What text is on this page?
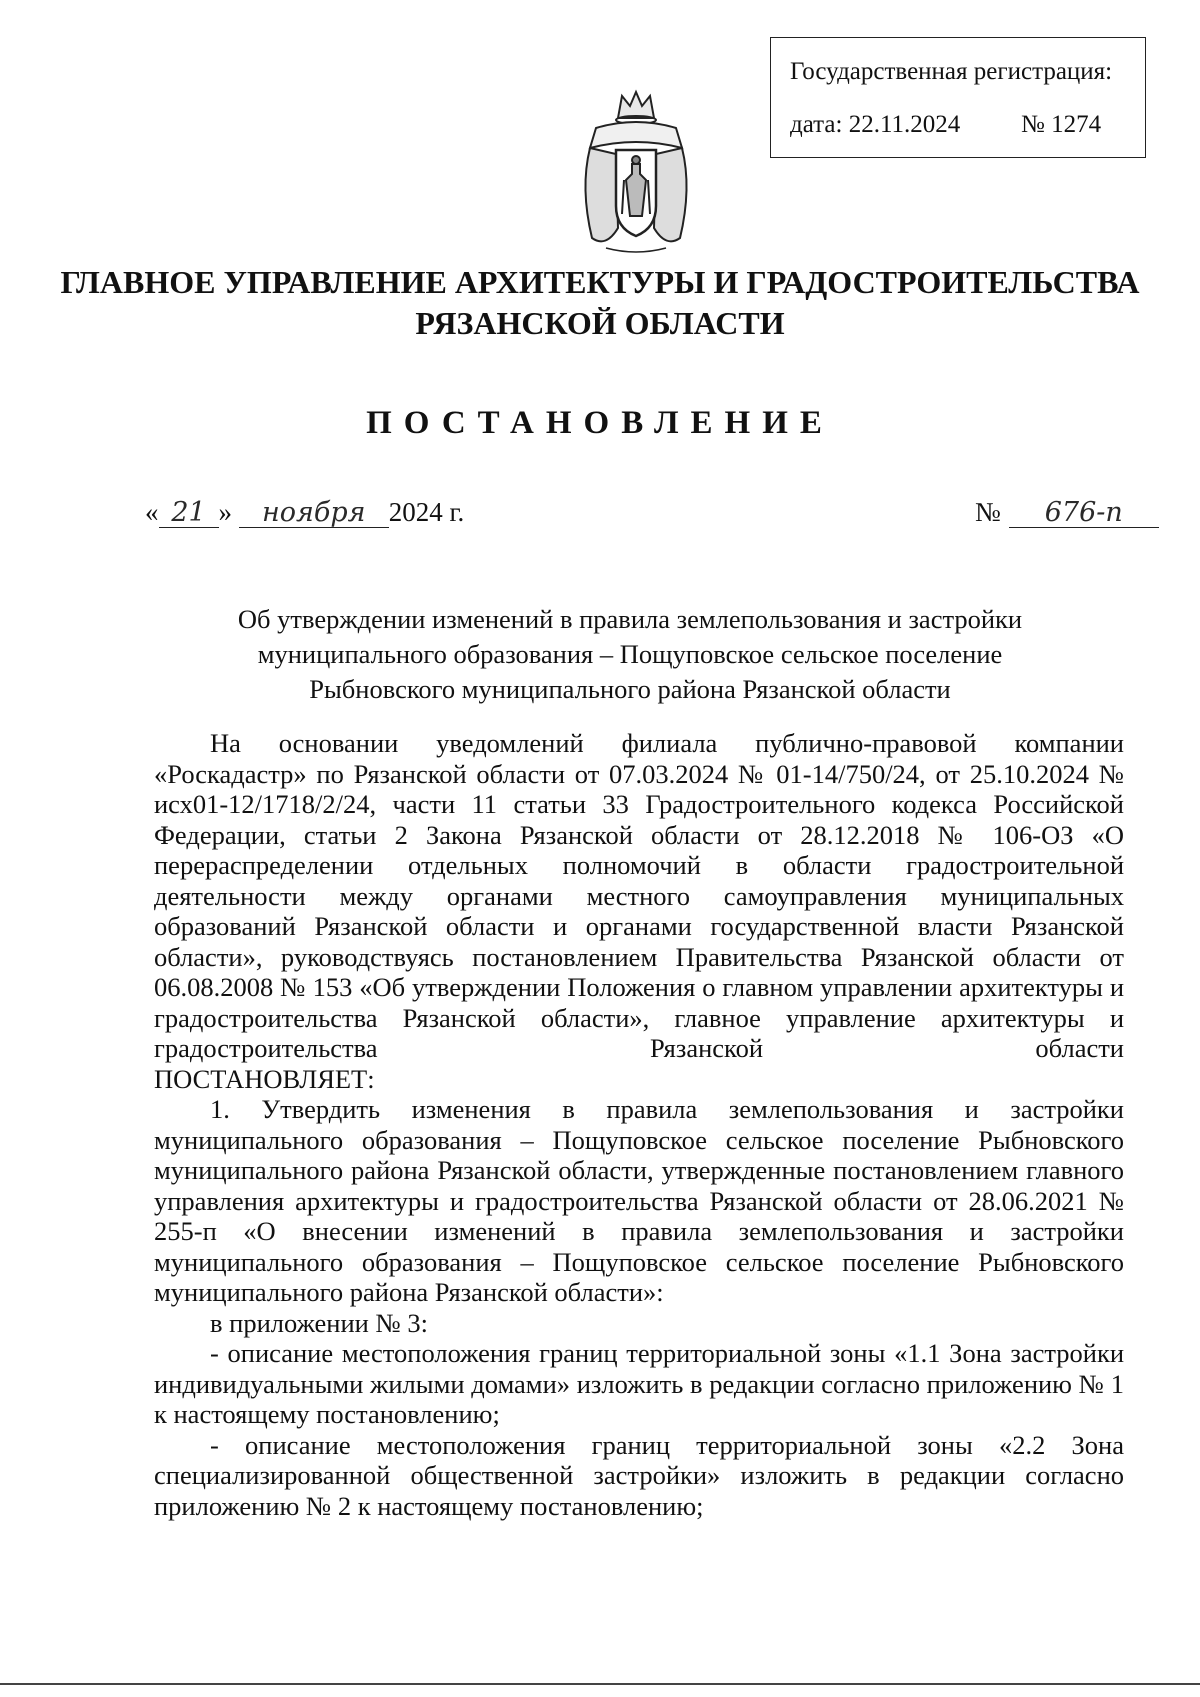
Государственная регистрация:
дата: 22.11.2024 № 1274
ГЛАВНОЕ УПРАВЛЕНИЕ АРХИТЕКТУРЫ И ГРАДОСТРОИТЕЛЬСТВА
РЯЗАНСКОЙ ОБЛАСТИ
ПОСТАНОВЛЕНИЕ
« 21 » ноября 2024 г.	№ 676-п
Об утверждении изменений в правила землепользования и застройки
муниципального образования – Пощуповское сельское поселение
Рыбновского муниципального района Рязанской области

На основании уведомлений филиала публично-правовой компании «Роскадастр» по Рязанской области от 07.03.2024 № 01-14/750/24, от 25.10.2024 № исх01-12/1718/2/24, части 11 статьи 33 Градостроительного кодекса Российской Федерации, статьи 2 Закона Рязанской области от 28.12.2018 № 106-ОЗ «О перераспределении отдельных полномочий в области градостроительной деятельности между органами местного самоуправления муниципальных образований Рязанской области и органами государственной власти Рязанской области», руководствуясь постановлением Правительства Рязанской области от 06.08.2008 № 153 «Об утверждении Положения о главном управлении архитектуры и градостроительства Рязанской области», главное управление архитектуры и градостроительства Рязанской области

ПОСТАНОВЛЯЕТ:

1. Утвердить изменения в правила землепользования и застройки муниципального образования – Пощуповское сельское поселение Рыбновского муниципального района Рязанской области, утвержденные постановлением главного управления архитектуры и градостроительства Рязанской области от 28.06.2021 № 255-п «О внесении изменений в правила землепользования и застройки муниципального образования – Пощуповское сельское поселение Рыбновского муниципального района Рязанской области»:

в приложении № 3:

- описание местоположения границ территориальной зоны «1.1 Зона застройки индивидуальными жилыми домами» изложить в редакции согласно приложению № 1 к настоящему постановлению;

- описание местоположения границ территориальной зоны «2.2 Зона специализированной общественной застройки» изложить в редакции согласно приложению № 2 к настоящему постановлению;
